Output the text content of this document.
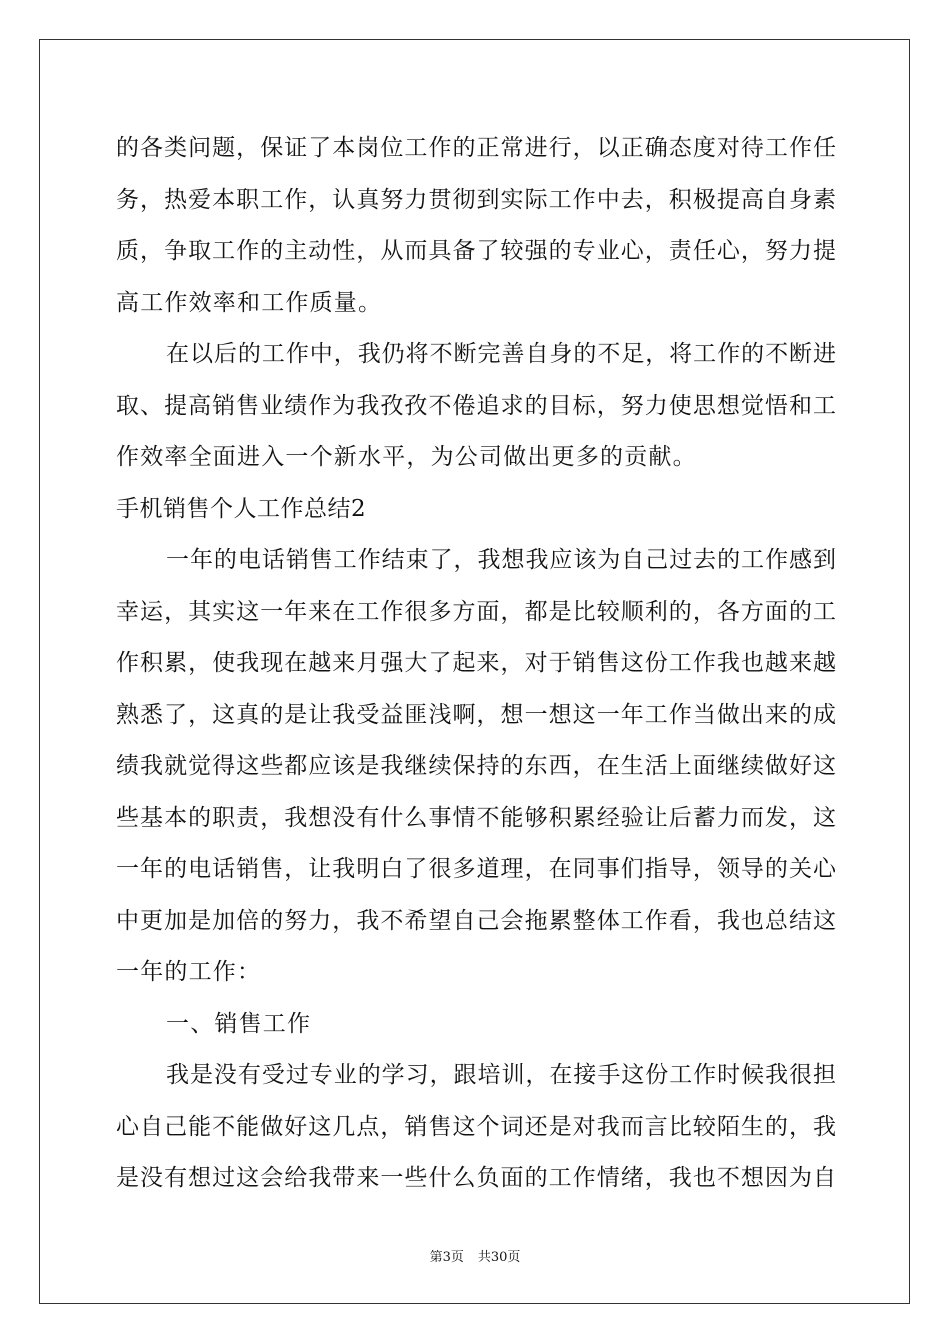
的各类问题，保证了本岗位工作的正常进行，以正确态度对待工作任
务，热爱本职工作，认真努力贯彻到实际工作中去，积极提高自身素
质，争取工作的主动性，从而具备了较强的专业心，责任心，努力提
高工作效率和工作质量。
在以后的工作中，我仍将不断完善自身的不足，将工作的不断进
取、提高销售业绩作为我孜孜不倦追求的目标，努力使思想觉悟和工
作效率全面进入一个新水平，为公司做出更多的贡献。
手机销售个人工作总结2
一年的电话销售工作结束了，我想我应该为自己过去的工作感到
幸运，其实这一年来在工作很多方面，都是比较顺利的，各方面的工
作积累，使我现在越来月强大了起来，对于销售这份工作我也越来越
熟悉了，这真的是让我受益匪浅啊，想一想这一年工作当做出来的成
绩我就觉得这些都应该是我继续保持的东西，在生活上面继续做好这
些基本的职责，我想没有什么事情不能够积累经验让后蓄力而发，这
一年的电话销售，让我明白了很多道理，在同事们指导，领导的关心
中更加是加倍的努力，我不希望自己会拖累整体工作看，我也总结这
一年的工作：
一、销售工作
我是没有受过专业的学习，跟培训，在接手这份工作时候我很担
心自己能不能做好这几点，销售这个词还是对我而言比较陌生的，我
是没有想过这会给我带来一些什么负面的工作情绪，我也不想因为自
第3页 共30页
